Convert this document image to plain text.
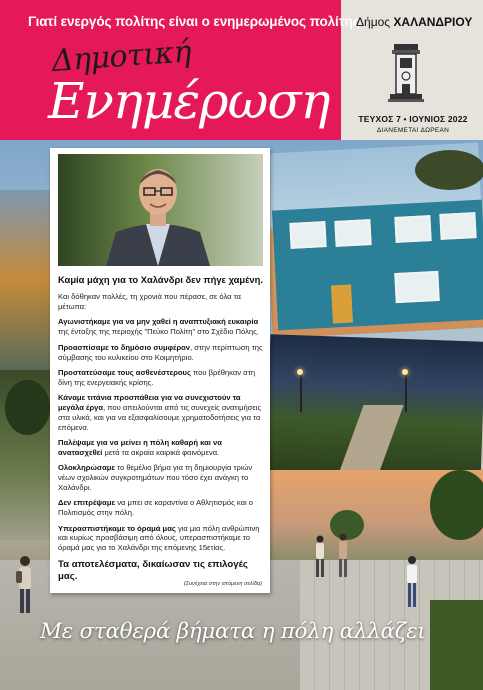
Γιατί ενεργός πολίτης είναι ο ενημερωμένος πολίτης
Δημοτική
Ενημέρωση
Δήμος ΧΑΛΑΝΔΡΙΟΥ
ΤΕΥΧΟΣ 7 • ΙΟΥΝΙΟΣ 2022
ΔΙΑΝΕΜΕΤΑΙ ΔΩΡΕΑΝ
Καμία μάχη για το Χαλάνδρι δεν πήγε χαμένη.

Και δόθηκαν πολλές, τη χρονιά που πέρασε, σε όλα τα μέτωπα:

Αγωνιστήκαμε για να μην χαθεί η αναπτυξιακή ευκαιρία της ένταξης της περιοχής "Πεύκο Πολίτη" στο Σχέδιο Πόλης.

Προασπίσαμε το δημόσιο συμφέρον, στην περίπτωση της σύμβασης του κυλικείου στο Κοιμητήριο.

Προστατεύσαμε τους ασθενέστερους που βρέθηκαν στη δίνη της ενεργειακής κρίσης.

Κάναμε τιτάνια προσπάθεια για να συνεχιστούν τα μεγάλα έργα, που απειλούνται από τις συνεχείς ανατιμήσεις στα υλικά, και για να εξασφαλίσουμε χρηματοδοτήσεις για τα επόμενα.

Παλέψαμε για να μείνει η πόλη καθαρή και να ανατασχεθεί μετά τα ακραία καιρικά φαινόμενα.

Ολοκληρώσαμε το θεμέλιο βήμα για τη δημιουργία τριών νέων σχολικών συγκροτημάτων που τόσο έχει ανάγκη το Χαλάνδρι.

Δεν επιτρέψαμε να μπει σε καραντίνα ο Αθλητισμός και ο Πολιτισμός στην πόλη.

Υπερασπιστήκαμε το όραμά μας για μια πόλη ανθρώπινη και κυρίως προσβάσιμη από όλους, υπερασπιστήκαμε το όραμά μας για το Χαλάνδρι της επόμενης 15ετίας.

Τα αποτελέσματα, δικαίωσαν τις επιλογές μας.
(Συνέχεια στην επόμενη σελίδα)
Με σταθερά βήματα η πόλη αλλάζει
